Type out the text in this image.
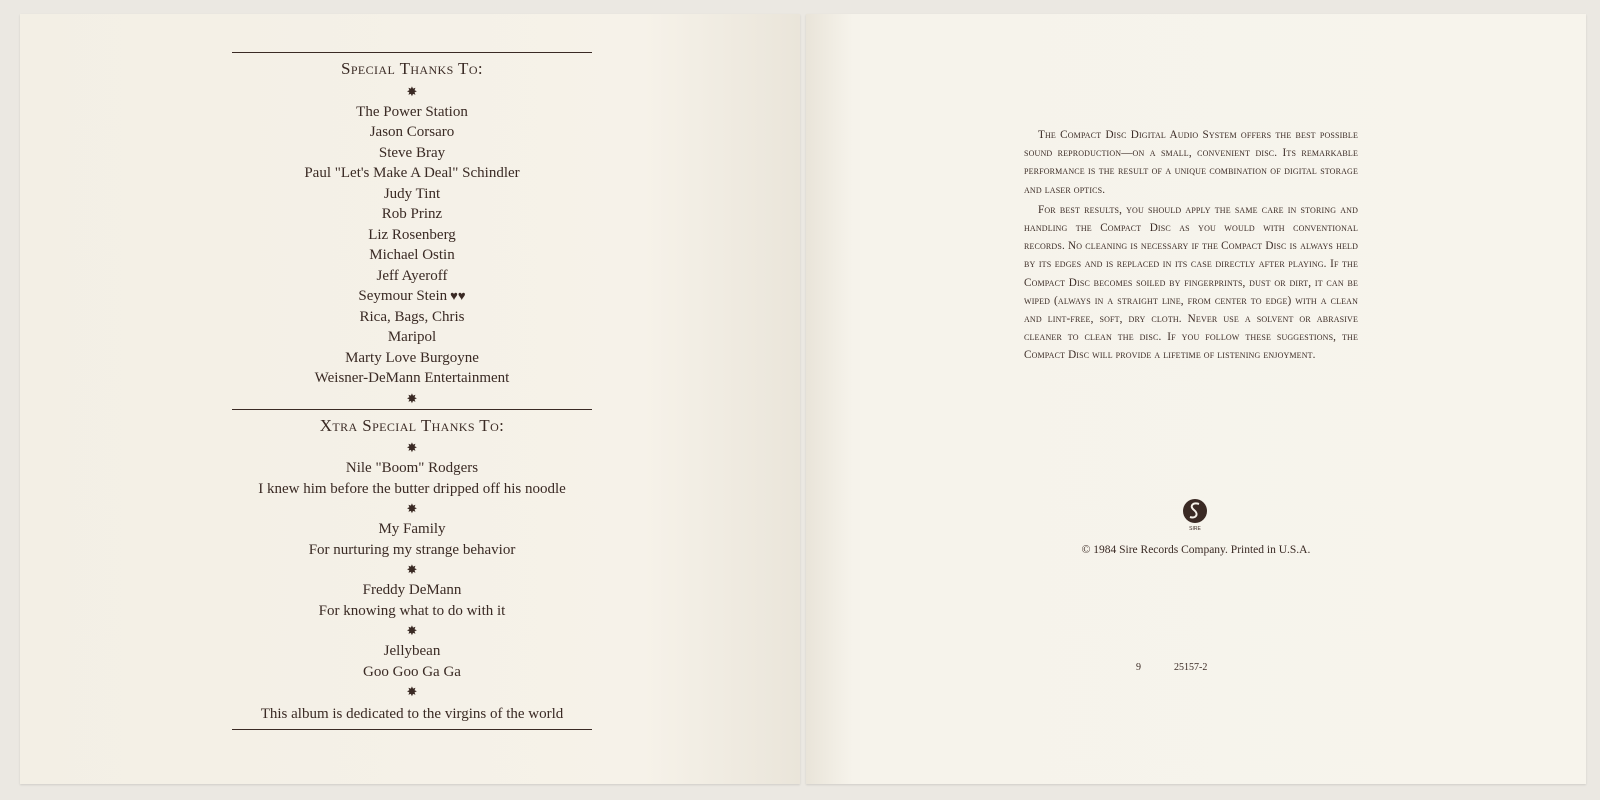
Special Thanks To:
✸
The Power Station
Jason Corsaro
Steve Bray
Paul "Let's Make A Deal" Schindler
Judy Tint
Rob Prinz
Liz Rosenberg
Michael Ostin
Jeff Ayeroff
Seymour Stein ♥♥
Rica, Bags, Chris
Maripol
Marty Love Burgoyne
Weisner-DeMann Entertainment
✸
Xtra Special Thanks To:
✸
Nile "Boom" Rodgers
I knew him before the butter dripped off his noodle
✸
My Family
For nurturing my strange behavior
✸
Freddy DeMann
For knowing what to do with it
✸
Jellybean
Goo Goo Ga Ga
✸
This album is dedicated to the virgins of the world

The Compact Disc Digital Audio System offers the best possible sound reproduction—on a small, convenient disc. Its remarkable performance is the result of a unique combination of digital storage and laser optics.

For best results, you should apply the same care in storing and handling the Compact Disc as you would with conventional records. No cleaning is necessary if the Compact Disc is always held by its edges and is replaced in its case directly after playing. If the Compact Disc becomes soiled by fingerprints, dust or dirt, it can be wiped (always in a straight line, from center to edge) with a clean and lint-free, soft, dry cloth. Never use a solvent or abrasive cleaner to clean the disc. If you follow these suggestions, the Compact Disc will provide a lifetime of listening enjoyment.

SIRE
© 1984 Sire Records Company. Printed in U.S.A.
9	25157-2
